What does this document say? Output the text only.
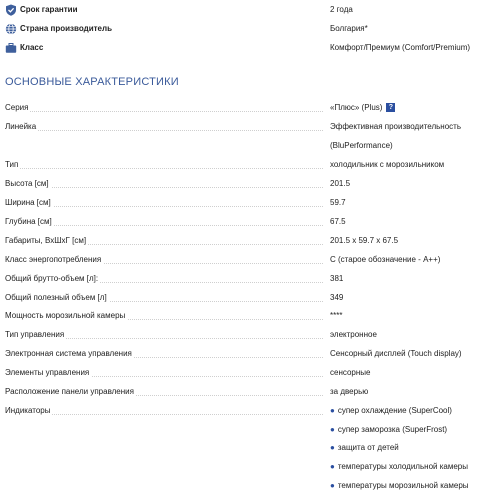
Срок гарантии	2 года
Страна производитель	Болгария*
Класс	Комфорт/Премиум (Comfort/Premium)
ОСНОВНЫЕ ХАРАКТЕРИСТИКИ
Серия	«Плюс» (Plus) ?
Линейка	Эффективная производительность
(BluPerformance)
Тип	холодильник с морозильником
Высота [см]	201.5
Ширина [см]	59.7
Глубина [см]	67.5
Габариты, ВхШхГ [см]	201.5 x 59.7 x 67.5
Класс энергопотребления	C (старое обозначение - A++)
Общий брутто-объем [л]:	381
Общий полезный объем [л]	349
Мощность морозильной камеры	****
Тип управления	электронное
Электронная система управления	Сенсорный дисплей (Touch display)
Элементы управления	сенсорные
Расположение панели управления	за дверью
Индикаторы	● супер охлаждение (SuperCool)
● супер заморозка (SuperFrost)
● защита от детей
● температуры холодильной камеры
● температуры морозильной камеры
